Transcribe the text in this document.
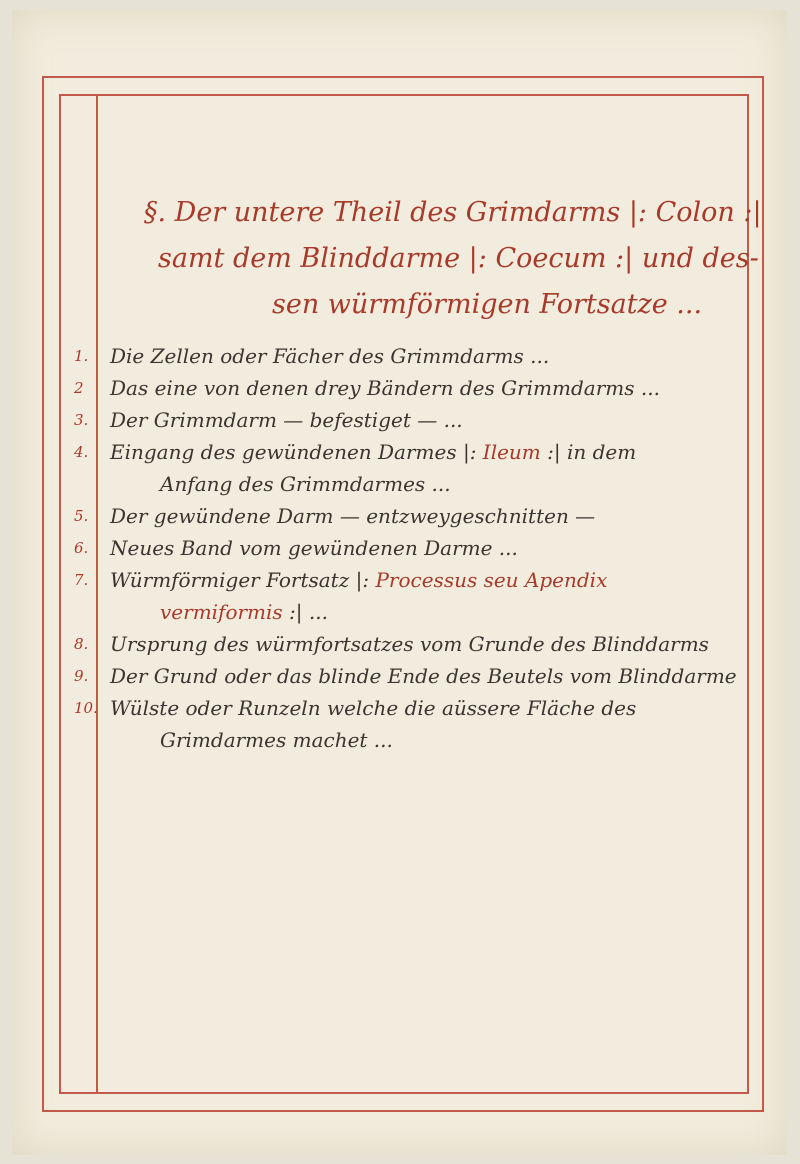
§. Der untere Theil des Grimdarms |: Colon :|
samt dem Blinddarme |: Coecum :| und des-
sen würmförmigen Fortsatze ...
1.	Die Zellen oder Fächer des Grimmdarms ...
2	Das eine von denen drey Bändern des Grimmdarms ...
3.	Der Grimmdarm — befestiget — ...
4.	Eingang des gewündenen Darmes |: Ileum :| in dem
Anfang des Grimmdarmes ...
5.	Der gewündene Darm — entzweygeschnitten —
6.	Neues Band vom gewündenen Darme ...
7.	Würmförmiger Fortsatz |: Processus seu Apendix
vermiformis :| ...
8.	Ursprung des würmfortsatzes vom Grunde des Blinddarms
9.	Der Grund oder das blinde Ende des Beutels vom Blinddarme
10. Wülste oder Runzeln welche die aüssere Fläche des
Grimdarmes machet ...
